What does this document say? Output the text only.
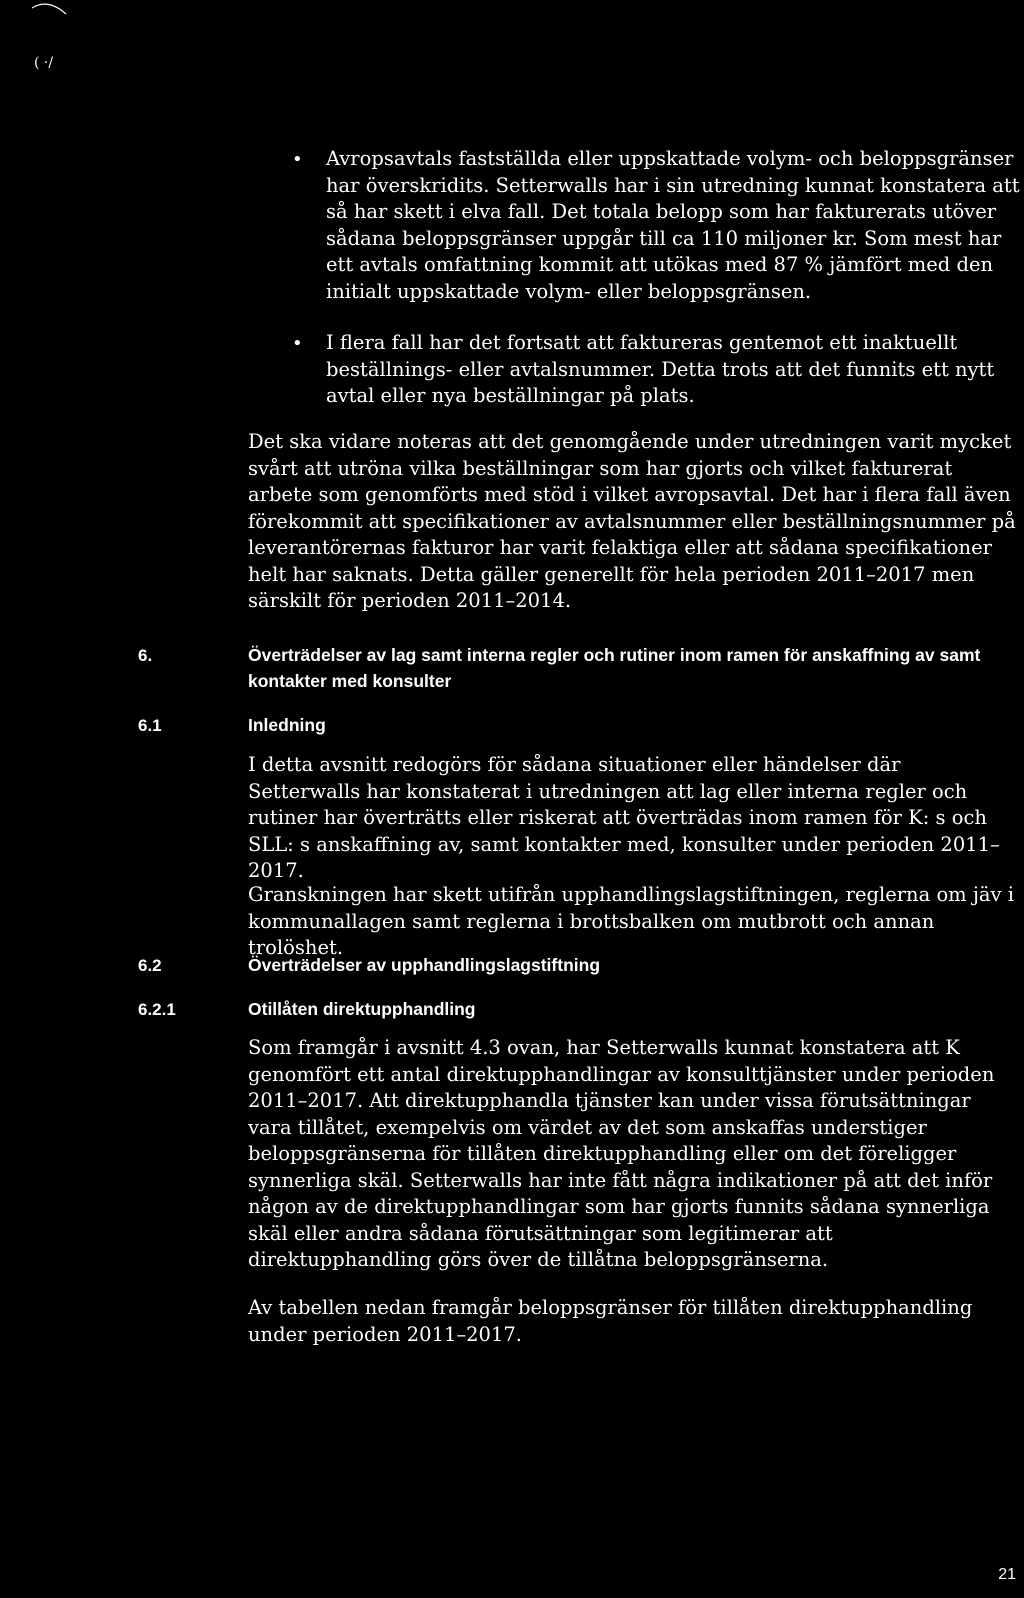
( ·/
• Avropsavtals fastställda eller uppskattade volym- och beloppsgränser har överskridits. Setterwalls har i sin utredning kunnat konstatera att så har skett i elva fall. Det totala belopp som har fakturerats utöver sådana beloppsgränser uppgår till ca 110 miljoner kr. Som mest har ett avtals omfattning kommit att utökas med 87 % jämfört med den initialt uppskattade volym- eller beloppsgränsen.

• I flera fall har det fortsatt att faktureras gentemot ett inaktuellt beställnings- eller avtalsnummer. Detta trots att det funnits ett nytt avtal eller nya beställningar på plats.

Det ska vidare noteras att det genomgående under utredningen varit mycket svårt att utröna vilka beställningar som har gjorts och vilket fakturerat arbete som genomförts med stöd i vilket avropsavtal. Det har i flera fall även förekommit att specifikationer av avtalsnummer eller beställningsnummer på leverantörernas fakturor har varit felaktiga eller att sådana specifikationer helt har saknats. Detta gäller generellt för hela perioden 2011–2017 men särskilt för perioden 2011–2014.

6.	Överträdelser av lag samt interna regler och rutiner inom ramen för anskaffning av samt kontakter med konsulter

6.1	Inledning

I detta avsnitt redogörs för sådana situationer eller händelser där Setterwalls har konstaterat i utredningen att lag eller interna regler och rutiner har överträtts eller riskerat att överträdas inom ramen för K: s och SLL: s anskaffning av, samt kontakter med, konsulter under perioden 2011–2017.

Granskningen har skett utifrån upphandlingslagstiftningen, reglerna om jäv i kommunallagen samt reglerna i brottsbalken om mutbrott och annan trolöshet.

6.2	Överträdelser av upphandlingslagstiftning

6.2.1	Otillåten direktupphandling

Som framgår i avsnitt 4.3 ovan, har Setterwalls kunnat konstatera att K genomfört ett antal direktupphandlingar av konsulttjänster under perioden 2011–2017. Att direktupphandla tjänster kan under vissa förutsättningar vara tillåtet, exempelvis om värdet av det som anskaffas understiger beloppsgränserna för tillåten direktupphandling eller om det föreligger synnerliga skäl. Setterwalls har inte fått några indikationer på att det inför någon av de direktupphandlingar som har gjorts funnits sådana synnerliga skäl eller andra sådana förutsättningar som legitimerar att direktupphandling görs över de tillåtna beloppsgränserna.

Av tabellen nedan framgår beloppsgränser för tillåten direktupphandling under perioden 2011–2017.

21
